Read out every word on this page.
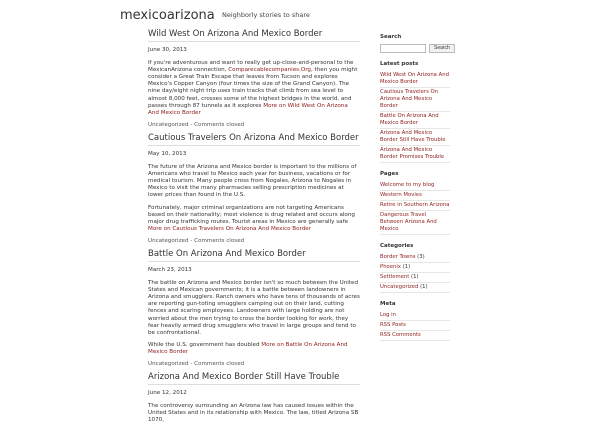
mexicoarizona Neighborly stories to share
Wild West On Arizona And Mexico Border
June 30, 2013

If you're adventurous and want to really get up-close-and-personal to the MexicanArizona connection, Comparecablecompanies.Org, then you might consider a Great Train Escape that leaves from Tucson and explores Mexico's Copper Canyon (four times the size of the Grand Canyon). The nine day/eight night trip uses train tracks that climb from sea level to almost 8,000 feet, crosses some of the highest bridges in the world, and passes through 87 tunnels as it explores More on Wild West On Arizona And Mexico Border

Uncategorized - Comments closed
Cautious Travelers On Arizona And Mexico Border
May 10, 2013

The future of the Arizona and Mexico border is important to the millions of Americans who travel to Mexico each year for business, vacations or for medical tourism. Many people cross from Nogales, Arizona to Nogales in Mexico to visit the many pharmacies selling prescription medicines at lower prices than found in the U.S.

Fortunately, major criminal organizations are not targeting Americans based on their nationality; most violence is drug related and occurs along major drug trafficking routes. Tourist areas in Mexico are generally safe More on Cautious Travelers On Arizona And Mexico Border

Uncategorized - Comments closed
Battle On Arizona And Mexico Border
March 23, 2013

The battle on Arizona and Mexico border isn't so much between the United States and Mexican governments; it is a battle between landowners in Arizona and smugglers. Ranch owners who have tens of thousands of acres are reporting gun-toting smugglers camping out on their land, cutting fences and scaring employees. Landowners with large holding are not worried about the men trying to cross the border looking for work, they fear heavily armed drug smugglers who travel in large groups and tend to be confrontational.

While the U.S. government has doubled More on Battle On Arizona And Mexico Border

Uncategorized - Comments closed
Arizona And Mexico Border Still Have Trouble
June 12, 2012

The controversy surrounding an Arizona law has caused issues within the United States and in its relationship with Mexico. The law, titled Arizona SB 1070,

Search
Search
Latest posts
Wild West On Arizona And Mexico Border
Cautious Travelers On Arizona And Mexico Border
Battle On Arizona And Mexico Border
Arizona And Mexico Border Still Have Trouble
Arizona And Mexico Border Promises Trouble
Pages
Welcome to my blog
Western Movies
Retire in Southern Arizona
Dangerous Travel Between Arizona And Mexico
Categories
Border Towns (3)
Phoenix (1)
Settlement (1)
Uncategorized (1)
Meta
Log in
RSS Posts
RSS Comments
